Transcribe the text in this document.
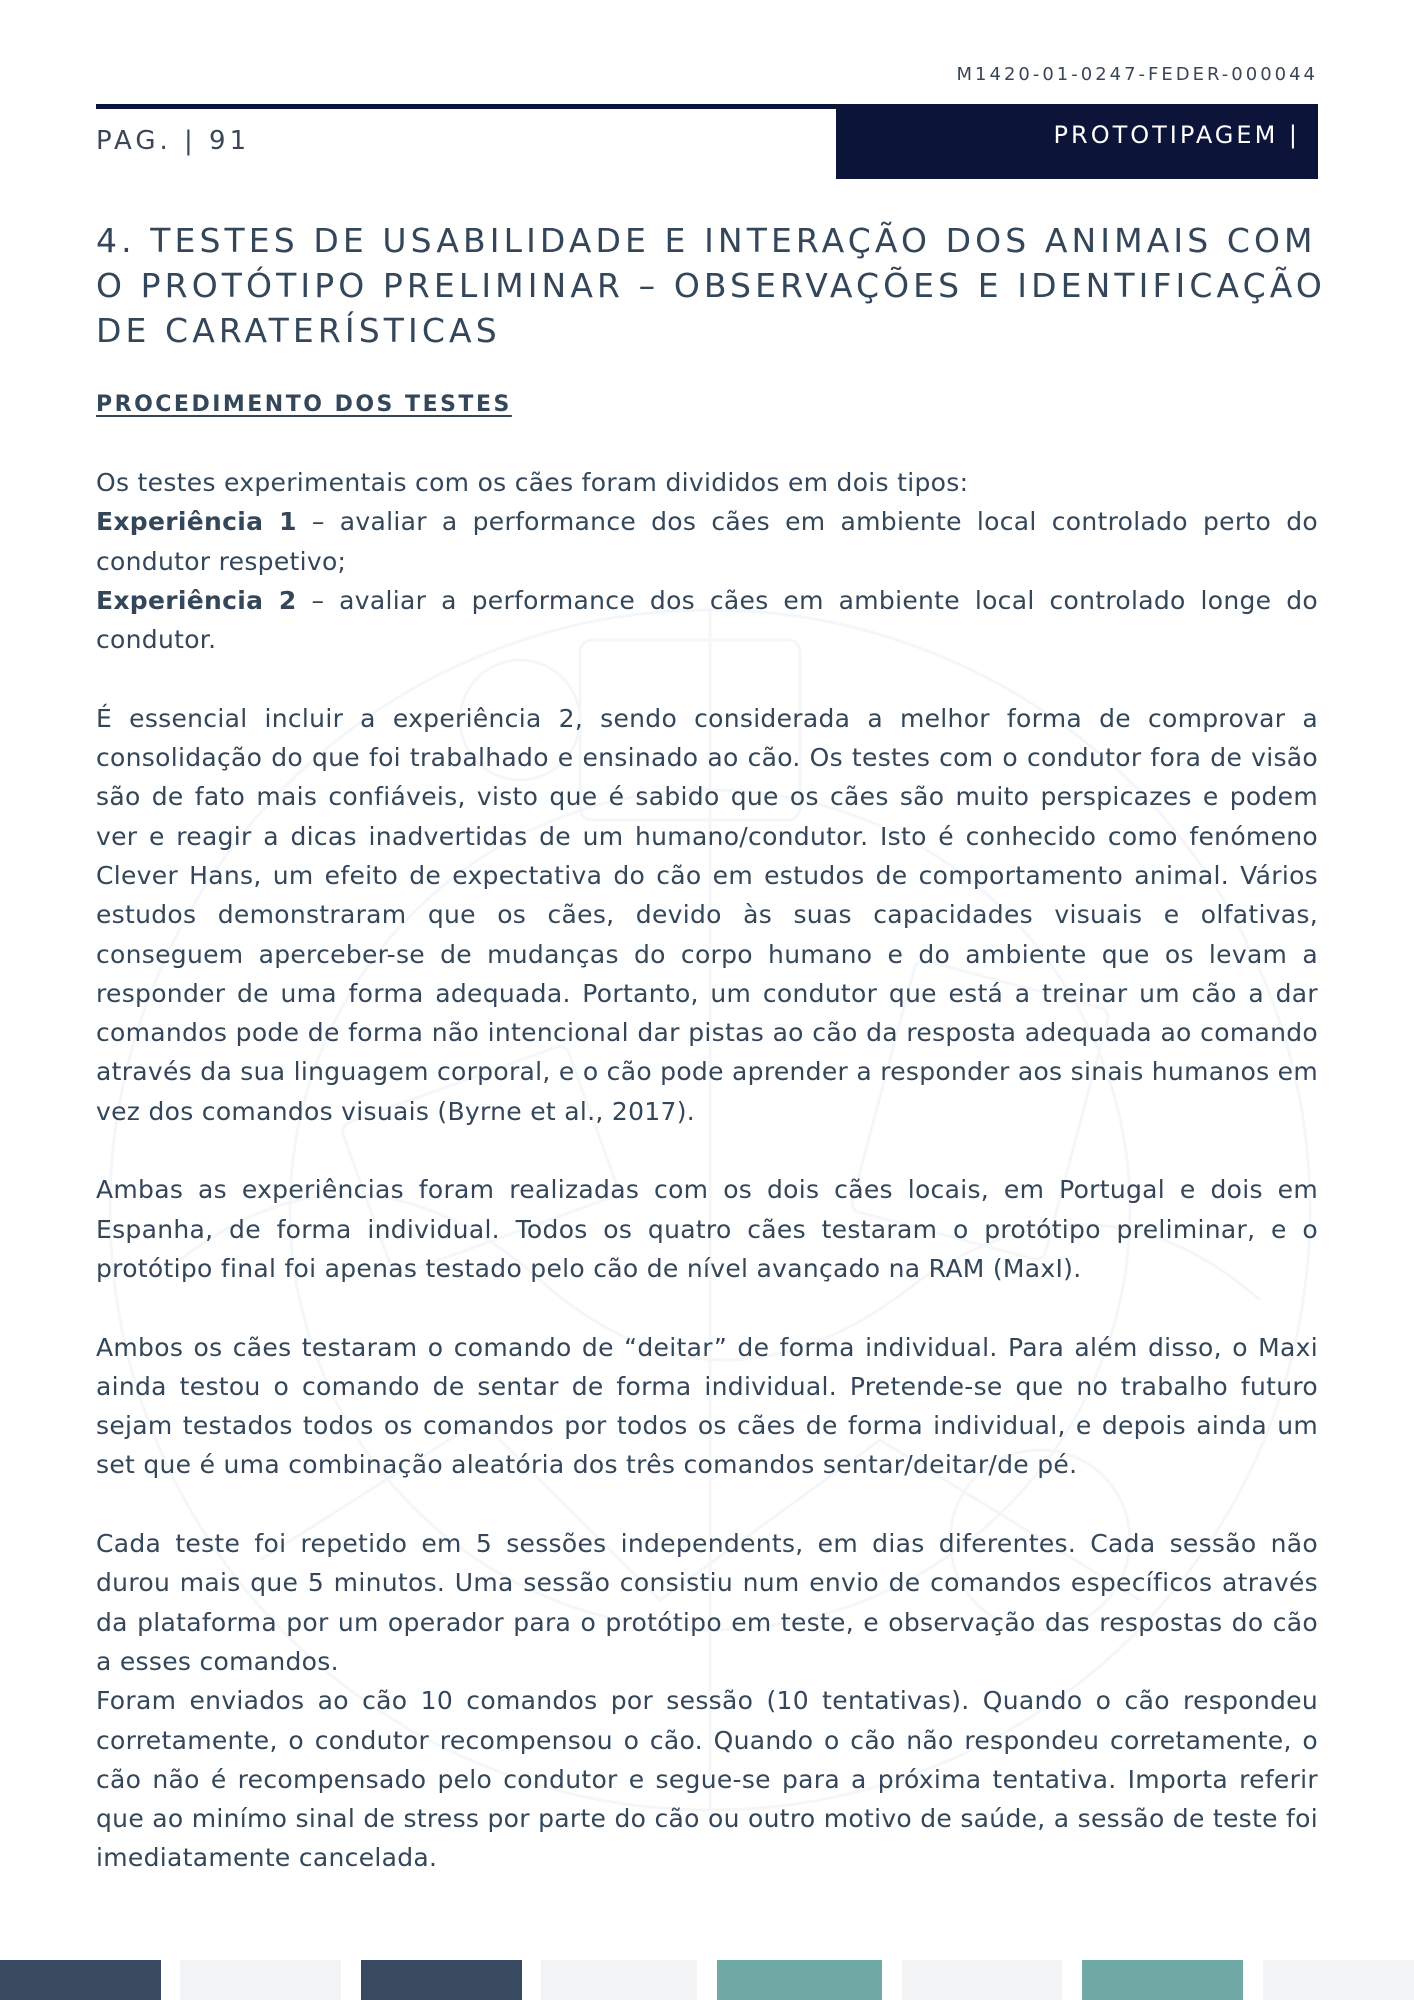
M1420-01-0247-FEDER-000044
PAG. | 91	PROTOTIPAGEM |
4. TESTES DE USABILIDADE E INTERAÇÃO DOS ANIMAIS COM O PROTÓTIPO PRELIMINAR – OBSERVAÇÕES E IDENTIFICAÇÃO DE CARATERÍSTICAS
PROCEDIMENTO DOS TESTES

Os testes experimentais com os cães foram divididos em dois tipos:

Experiência 1 – avaliar a performance dos cães em ambiente local controlado perto do condutor respetivo;

Experiência 2 – avaliar a performance dos cães em ambiente local controlado longe do condutor.

É essencial incluir a experiência 2, sendo considerada a melhor forma de comprovar a consolidação do que foi trabalhado e ensinado ao cão. Os testes com o condutor fora de visão são de fato mais confiáveis, visto que é sabido que os cães são muito perspicazes e podem ver e reagir a dicas inadvertidas de um humano/condutor. Isto é conhecido como fenómeno Clever Hans, um efeito de expectativa do cão em estudos de comportamento animal. Vários estudos demonstraram que os cães, devido às suas capacidades visuais e olfativas, conseguem aperceber-se de mudanças do corpo humano e do ambiente que os levam a responder de uma forma adequada. Portanto, um condutor que está a treinar um cão a dar comandos pode de forma não intencional dar pistas ao cão da resposta adequada ao comando através da sua linguagem corporal, e o cão pode aprender a responder aos sinais humanos em vez dos comandos visuais (Byrne et al., 2017).

Ambas as experiências foram realizadas com os dois cães locais, em Portugal e dois em Espanha, de forma individual. Todos os quatro cães testaram o protótipo preliminar, e o protótipo final foi apenas testado pelo cão de nível avançado na RAM (MaxI).

Ambos os cães testaram o comando de “deitar” de forma individual. Para além disso, o Maxi ainda testou o comando de sentar de forma individual. Pretende-se que no trabalho futuro sejam testados todos os comandos por todos os cães de forma individual, e depois ainda um set que é uma combinação aleatória dos três comandos sentar/deitar/de pé.

Cada teste foi repetido em 5 sessões independents, em dias diferentes. Cada sessão não durou mais que 5 minutos. Uma sessão consistiu num envio de comandos específicos através da plataforma por um operador para o protótipo em teste, e observação das respostas do cão a esses comandos.

Foram enviados ao cão 10 comandos por sessão (10 tentativas). Quando o cão respondeu corretamente, o condutor recompensou o cão. Quando o cão não respondeu corretamente, o cão não é recompensado pelo condutor e segue-se para a próxima tentativa. Importa referir que ao minímo sinal de stress por parte do cão ou outro motivo de saúde, a sessão de teste foi imediatamente cancelada.
